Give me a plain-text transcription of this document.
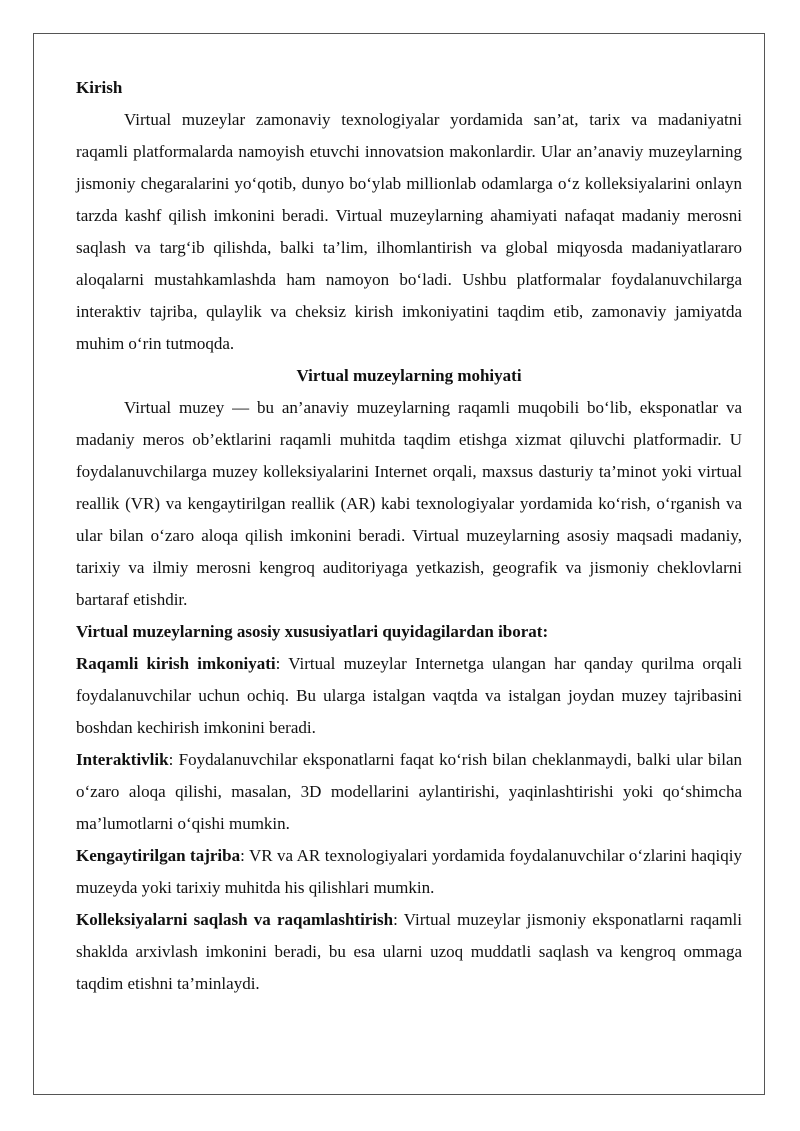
Kirish

Virtual muzeylar zamonaviy texnologiyalar yordamida san’at, tarix va madaniyatni raqamli platformalarda namoyish etuvchi innovatsion makonlardir. Ular an’anaviy muzeylarning jismoniy chegaralarini yo‘qotib, dunyo bo‘ylab millionlab odamlarga o‘z kolleksiyalarini onlayn tarzda kashf qilish imkonini beradi. Virtual muzeylarning ahamiyati nafaqat madaniy merosni saqlash va targ‘ib qilishda, balki ta’lim, ilhomlantirish va global miqyosda madaniyatlararo aloqalarni mustahkamlashda ham namoyon bo‘ladi. Ushbu platformalar foydalanuvchilarga interaktiv tajriba, qulaylik va cheksiz kirish imkoniyatini taqdim etib, zamonaviy jamiyatda muhim o‘rin tutmoqda.

Virtual muzeylarning mohiyati

Virtual muzey — bu an’anaviy muzeylarning raqamli muqobili bo‘lib, eksponatlar va madaniy meros ob’ektlarini raqamli muhitda taqdim etishga xizmat qiluvchi platformadir. U foydalanuvchilarga muzey kolleksiyalarini Internet orqali, maxsus dasturiy ta’minot yoki virtual reallik (VR) va kengaytirilgan reallik (AR) kabi texnologiyalar yordamida ko‘rish, o‘rganish va ular bilan o‘zaro aloqa qilish imkonini beradi. Virtual muzeylarning asosiy maqsadi madaniy, tarixiy va ilmiy merosni kengroq auditoriyaga yetkazish, geografik va jismoniy cheklovlarni bartaraf etishdir.

Virtual muzeylarning asosiy xususiyatlari quyidagilardan iborat:

Raqamli kirish imkoniyati: Virtual muzeylar Internetga ulangan har qanday qurilma orqali foydalanuvchilar uchun ochiq. Bu ularga istalgan vaqtda va istalgan joydan muzey tajribasini boshdan kechirish imkonini beradi.

Interaktivlik: Foydalanuvchilar eksponatlarni faqat ko‘rish bilan cheklanmaydi, balki ular bilan o‘zaro aloqa qilishi, masalan, 3D modellarini aylantirishi, yaqinlashtirishi yoki qo‘shimcha ma’lumotlarni o‘qishi mumkin.

Kengaytirilgan tajriba: VR va AR texnologiyalari yordamida foydalanuvchilar o‘zlarini haqiqiy muzeyda yoki tarixiy muhitda his qilishlari mumkin.

Kolleksiyalarni saqlash va raqamlashtirish: Virtual muzeylar jismoniy eksponatlarni raqamli shaklda arxivlash imkonini beradi, bu esa ularni uzoq muddatli saqlash va kengroq ommaga taqdim etishni ta’minlaydi.
